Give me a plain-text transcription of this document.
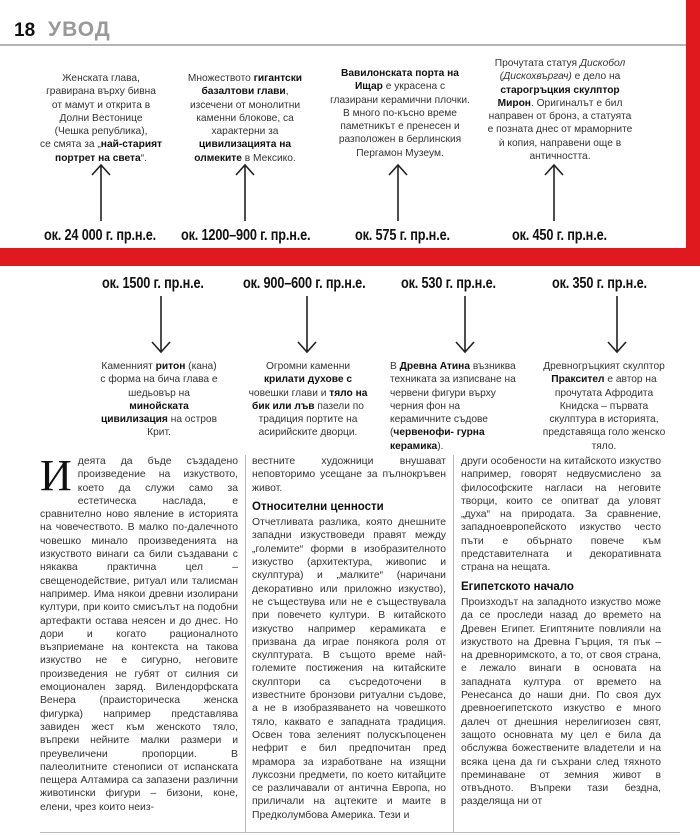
18 УВОД
Женската глава,
гравирана върху бивна
от мамут и открита в
Долни Вестонице
(Чешка република),
се смята за „най-старият
портрет на света“.
Множеството гигантски базалтови глави, изсечени от монолитни каменни блокове, са характерни за цивилизацията на олмеките в Мексико.
Вавилонската порта на Ищар е украсена с глазирани керамични плочки. В много по-късно време паметникът е пренесен и разположен в берлинския Пергамон Музеум.
Прочутата статуя Дискобол (Дискохвъргач) е дело на старогръцкия скулптор Мирон. Оригиналът е бил направен от бронз, а статуята е позната днес от мраморните ѝ копия, направени още в античността.
ок. 24 000 г. пр.н.е. ок. 1200–900 г. пр.н.е.	ок. 575 г. пр.н.е.	ок. 450 г. пр.н.е.
ок. 1500 г. пр.н.е.	ок. 900–600 г. пр.н.е. ок. 530 г. пр.н.е.	ок. 350 г. пр.н.е.
Каменният ритон (кана) с форма на бича глава е шедьовър на минойската цивилизация на остров Крит.
Огромни каменни крилати духове с човешки глави и тяло на бик или лъв пазели по традиция портите на асирийските дворци.
В Древна Атина възниква техниката за изписване на червени фигури върху черния фон на керамичните съдове (червенофи- гурна керамика).
Древногръцкият скулптор Праксител е автор на прочутата Афродита Книдска – първата скулптура в историята, представяща голо женско тяло.

Идеята да бъде създадено произведение на изкуството, което да служи само за естетическа наслада, е сравнително ново явление в историята на човечеството. В малко по-далечното човешко минало произведенията на изкуството винаги са били създавани с някаква практична цел – свещенодействие, ритуал или талисман например. Има някои древни изолирани култури, при които смисълът на подобни артефакти остава неясен и до днес. Но дори и когато рационалното възприемане на контекста на такова изкуство не е сигурно, неговите произведения не губят от силния си емоционален заряд. Вилендорфската Венера (праисторическа женска фигурка) например представлява завиден жест към женското тяло, въпреки нейните малки размери и преувеличени пропорции. В палеолитните стенописи от испанската пещера Алтамира са запазени различни животински фигури – бизони, коне, елени, чрез които неиз-

вестните художници внушават неповторимо усещане за пълнокръвен живот.

Относителни ценности

Отчетливата разлика, която днешните западни изкуствоведи правят между „големите“ форми в изобразителното изкуство (архитектура, живопис и скулптура) и „малките“ (наричани декоративно или приложно изкуство), не съществува или не е съществувала при повечето култури. В китайското изкуство например керамиката е призвана да играе понякога роля от скулптурата. В същото време най-големите постижения на китайските скулптори са съсредоточени в известните бронзови ритуални съдове, а не в изобразяването на човешкото тяло, каквато е западната традиция. Освен това зеленият полускъпоценен нефрит е бил предпочитан пред мрамора за изработване на изящни луксозни предмети, по което китайците се различавали от антична Европа, но приличали на ацтеките и маите в Предколумбова Америка. Тези и

други особености на китайското изкуство например, говорят недвусмислено за философските нагласи на неговите творци, които се опитват да уловят „духа“ на природата. За сравнение, западноевропейското изкуство често пъти е обърнато повече към представителната и декоративната страна на нещата.

Египетското начало

Произходът на западното изкуство може да се проследи назад до времето на Древен Египет. Египтяните повлияли на изкуството на Древна Гърция, тя пък – на древноримското, а то, от своя страна, е лежало винаги в основата на западната култура от времето на Ренесанса до наши дни. По своя дух древноегипетското изкуство е много далеч от днешния нерелигиозен свят, защото основната му цел е била да обслужва божествените владетели и на всяка цена да ги съхрани след тяхното преминаване от земния живот в отвъдното. Въпреки тази бездна, разделяща ни от
